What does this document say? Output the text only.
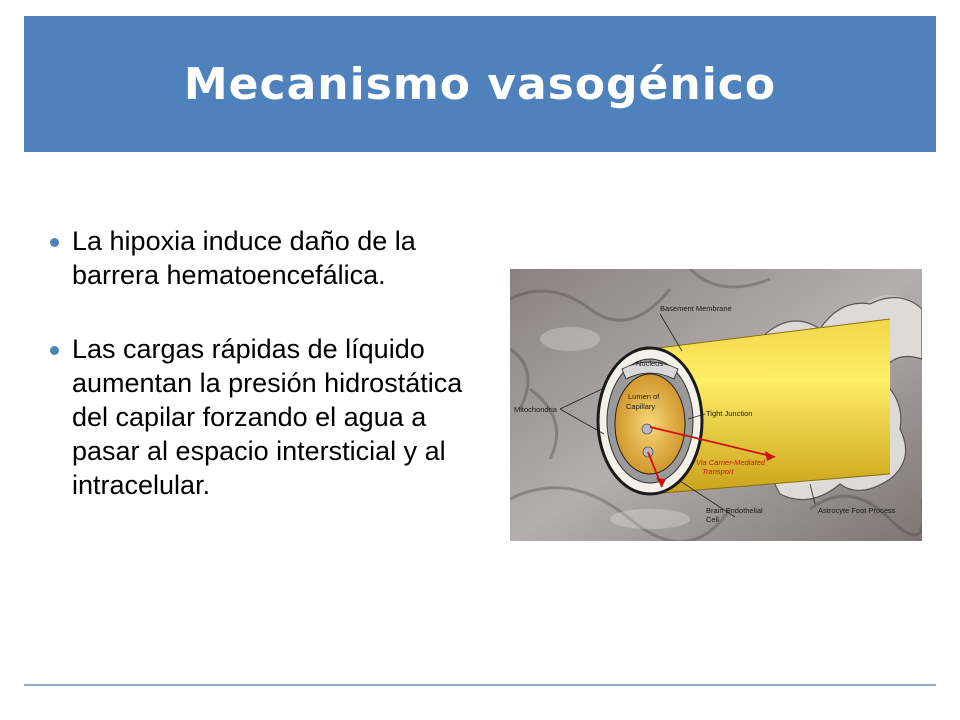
Mecanismo vasogénico
La hipoxia induce daño de la barrera hematoencefálica.
Las cargas rápidas de líquido aumentan la presión hidrostática del capilar forzando el agua a pasar al espacio intersticial y al intracelular.
Basement Membrane
Nucleus
Lumen of
Capillary
Mitochondria	Tight Junction
Via Carrier-Mediated
Transport
Brain Endothelial
Cell
Astrocyte Foot Process
